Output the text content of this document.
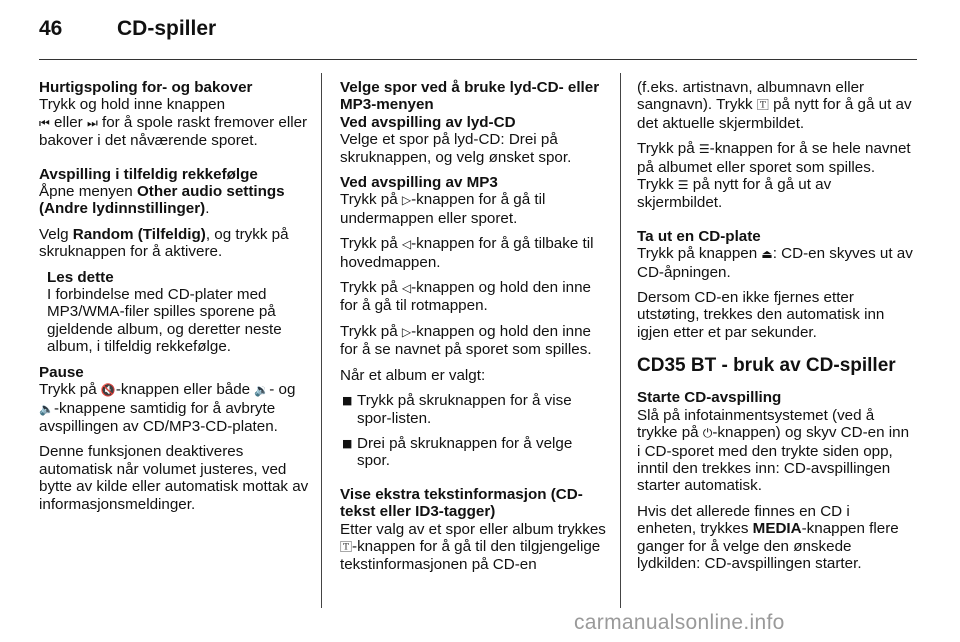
46	CD-spiller
Hurtigspoling for- og bakover

Trykk og hold inne knappen
⏮ eller ⏭ for å spole raskt fremover eller bakover i det nåværende sporet.

Avspilling i tilfeldig rekkefølge

Åpne menyen Other audio settings (Andre lydinnstillinger).

Velg Random (Tilfeldig), og trykk på skruknappen for å aktivere.

Les dette

I forbindelse med CD-plater med MP3/WMA-filer spilles sporene på gjeldende album, og deretter neste album, i tilfeldig rekkefølge.

Pause

Trykk på 🔇-knappen eller både 🔉- og 🔈-knappene samtidig for å avbryte avspillingen av CD/MP3-CD-platen.

Denne funksjonen deaktiveres automatisk når volumet justeres, ved bytte av kilde eller automatisk mottak av informasjonsmeldinger.

Velge spor ved å bruke lyd-CD- eller MP3-menyen
Ved avspilling av lyd-CD

Velge et spor på lyd-CD: Drei på skruknappen, og velg ønsket spor.

Ved avspilling av MP3

Trykk på ▷-knappen for å gå til undermappen eller sporet.

Trykk på ◁-knappen for å gå tilbake til hovedmappen.

Trykk på ◁-knappen og hold den inne for å gå til rotmappen.

Trykk på ▷-knappen og hold den inne for å se navnet på sporet som spilles.

Når et album er valgt:

■ Trykk på skruknappen for å vise spor-listen.
■ Drei på skruknappen for å velge spor.
Vise ekstra tekstinformasjon (CD-tekst eller ID3-tagger)

Etter valg av et spor eller album trykkes 🅃-knappen for å gå til den tilgjengelige tekstinformasjonen på CD-en

(f.eks. artistnavn, albumnavn eller sangnavn). Trykk 🅃 på nytt for å gå ut av det aktuelle skjermbildet.

Trykk på ☰-knappen for å se hele navnet på albumet eller sporet som spilles. Trykk ☰ på nytt for å gå ut av skjermbildet.

Ta ut en CD-plate

Trykk på knappen ⏏: CD-en skyves ut av CD-åpningen.

Dersom CD-en ikke fjernes etter utstøting, trekkes den automatisk inn igjen etter et par sekunder.

CD35 BT - bruk av CD-spiller
Starte CD-avspilling

Slå på infotainmentsystemet (ved å trykke på ⏻-knappen) og skyv CD-en inn i CD-sporet med den trykte siden opp, inntil den trekkes inn: CD-avspillingen starter automatisk.

Hvis det allerede finnes en CD i enheten, trykkes MEDIA-knappen flere ganger for å velge den ønskede lydkilden: CD-avspillingen starter.

carmanualsonline.info
